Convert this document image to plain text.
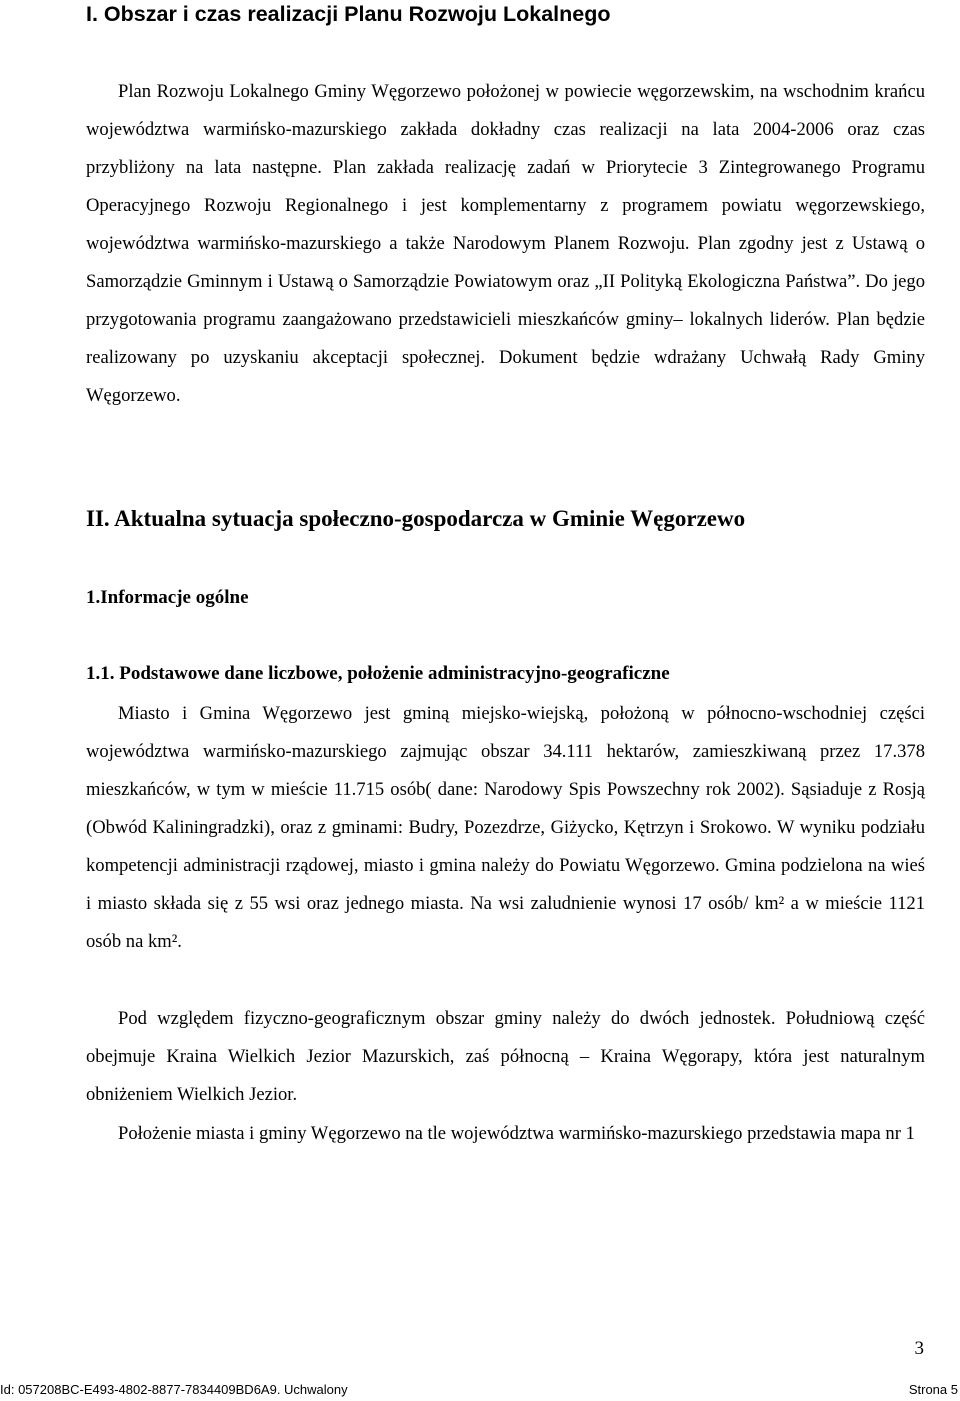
I. Obszar i czas realizacji Planu Rozwoju Lokalnego

Plan Rozwoju Lokalnego Gminy Węgorzewo położonej w powiecie węgorzewskim, na wschodnim krańcu województwa warmińsko-mazurskiego zakłada dokładny czas realizacji na lata 2004-2006 oraz czas przybliżony na lata następne. Plan zakłada realizację zadań w Priorytecie 3 Zintegrowanego Programu Operacyjnego Rozwoju Regionalnego i jest komplementarny z programem powiatu węgorzewskiego, województwa warmińsko-mazurskiego a także Narodowym Planem Rozwoju. Plan zgodny jest z Ustawą o Samorządzie Gminnym i Ustawą o Samorządzie Powiatowym oraz „II Polityką Ekologiczna Państwa”. Do jego przygotowania programu zaangażowano przedstawicieli mieszkańców gminy– lokalnych liderów. Plan będzie realizowany po uzyskaniu akceptacji społecznej. Dokument będzie wdrażany Uchwałą Rady Gminy Węgorzewo.

II. Aktualna sytuacja społeczno-gospodarcza w Gminie Węgorzewo
1.Informacje ogólne
1.1. Podstawowe dane liczbowe, położenie administracyjno-geograficzne

Miasto i Gmina Węgorzewo jest gminą miejsko-wiejską, położoną w północno-wschodniej części województwa warmińsko-mazurskiego zajmując obszar 34.111 hektarów, zamieszkiwaną przez 17.378 mieszkańców, w tym w mieście 11.715 osób( dane: Narodowy Spis Powszechny rok 2002). Sąsiaduje z Rosją (Obwód Kaliningradzki), oraz z gminami: Budry, Pozezdrze, Giżycko, Kętrzyn i Srokowo. W wyniku podziału kompetencji administracji rządowej, miasto i gmina należy do Powiatu Węgorzewo. Gmina podzielona na wieś i miasto składa się z 55 wsi oraz jednego miasta. Na wsi zaludnienie wynosi 17 osób/ km² a w mieście 1121 osób na km².

Pod względem fizyczno-geograficznym obszar gminy należy do dwóch jednostek. Południową część obejmuje Kraina Wielkich Jezior Mazurskich, zaś północną – Kraina Węgorapy, która jest naturalnym obniżeniem Wielkich Jezior.

Położenie miasta i gminy Węgorzewo na tle województwa warmińsko-mazurskiego przedstawia mapa nr 1

3
Id: 057208BC-E493-4802-8877-7834409BD6A9. Uchwalony	Strona 5
